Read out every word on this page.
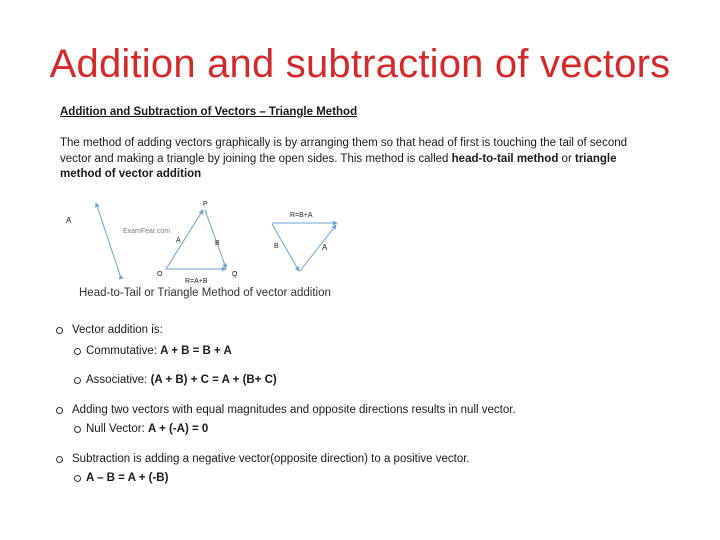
Addition and subtraction of vectors

Addition and Subtraction of Vectors – Triangle Method

The method of adding vectors graphically is by arranging them so that head of first is touching the tail of second vector and making a triangle by joining the open sides. This method is called head-to-tail method or triangle method of vector addition

A
ExamFear.com
P
A	B
O	Q
R=A+B
R=B+A
B	A

Head-to-Tail or Triangle Method of vector addition

Vector addition is:
Commutative: A + B = B + A
Associative: (A + B) + C = A + (B+ C)
Adding two vectors with equal magnitudes and opposite directions results in null vector.
Null Vector: A + (-A) = 0
Subtraction is adding a negative vector(opposite direction) to a positive vector.
A – B = A + (-B)
